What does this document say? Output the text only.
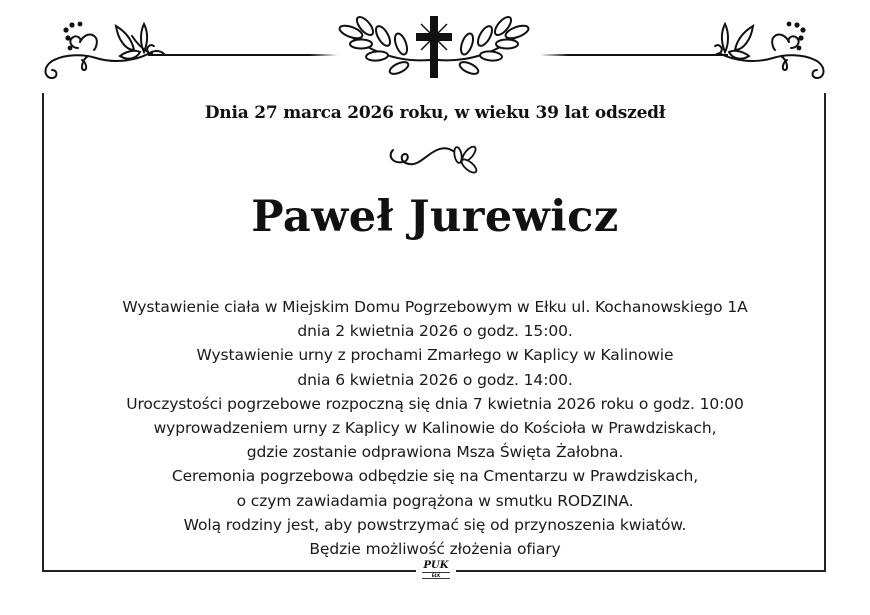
Dnia 27 marca 2026 roku, w wieku 39 lat odszedł
Paweł Jurewicz
Wystawienie ciała w Miejskim Domu Pogrzebowym w Ełku ul. Kochanowskiego 1A
dnia 2 kwietnia 2026 o godz. 15:00.
Wystawienie urny z prochami Zmarłego w Kaplicy w Kalinowie
dnia 6 kwietnia 2026 o godz. 14:00.
Uroczystości pogrzebowe rozpoczną się dnia 7 kwietnia 2026 roku o godz. 10:00
wyprowadzeniem urny z Kaplicy w Kalinowie do Kościoła w Prawdziskach,
gdzie zostanie odprawiona Msza Święta Żałobna.
Ceremonia pogrzebowa odbędzie się na Cmentarzu w Prawdziskach,
o czym zawiadamia pogrążona w smutku RODZINA.
Wolą rodziny jest, aby powstrzymać się od przynoszenia kwiatów.
Będzie możliwość złożenia ofiary
PUK
EŁK
